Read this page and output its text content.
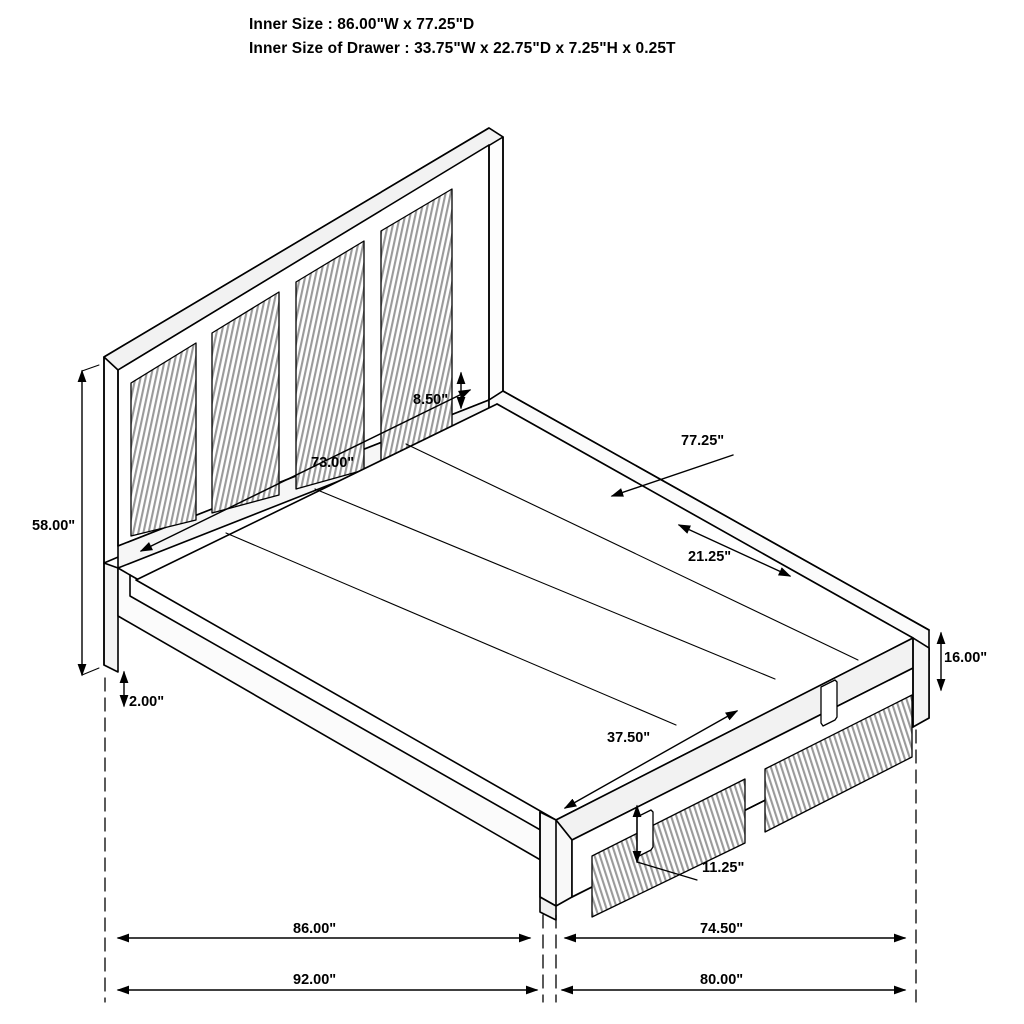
Inner Size : 86.00"W x 77.25"D
Inner Size of Drawer : 33.75"W x 22.75"D x 7.25"H x 0.25T
58.00"
73.00"
8.50"
77.25"
21.25"
16.00"
2.00"
37.50"
11.25"
86.00"	74.50"
92.00"	80.00"
